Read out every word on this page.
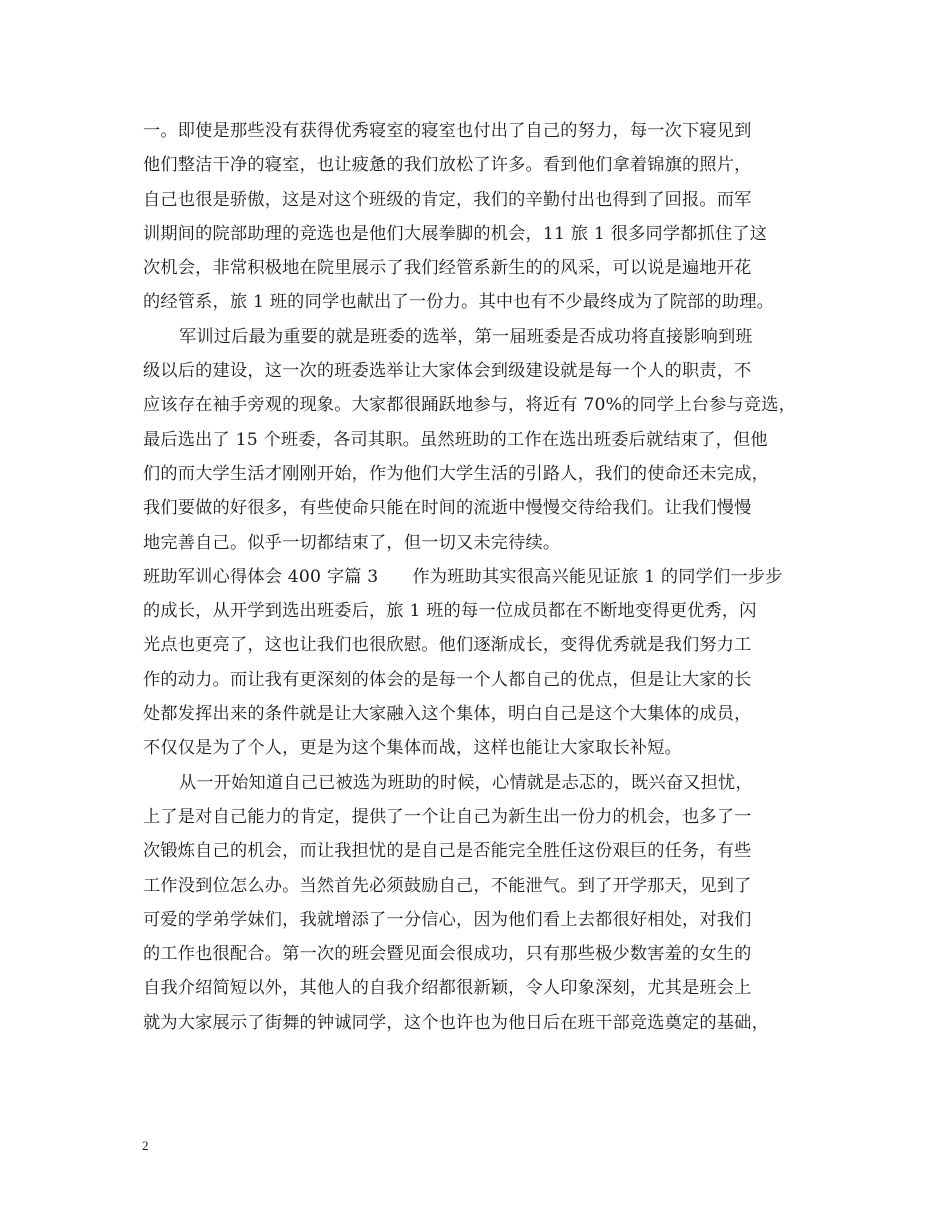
一。即使是那些没有获得优秀寝室的寝室也付出了自己的努力，每一次下寝见到
他们整洁干净的寝室，也让疲惫的我们放松了许多。看到他们拿着锦旗的照片，
自己也很是骄傲，这是对这个班级的肯定，我们的辛勤付出也得到了回报。而军
训期间的院部助理的竞选也是他们大展拳脚的机会，11 旅 1 很多同学都抓住了这
次机会，非常积极地在院里展示了我们经管系新生的的风采，可以说是遍地开花
的经管系，旅 1 班的同学也献出了一份力。其中也有不少最终成为了院部的助理。
军训过后最为重要的就是班委的选举，第一届班委是否成功将直接影响到班
级以后的建设，这一次的班委选举让大家体会到级建设就是每一个人的职责，不
应该存在袖手旁观的现象。大家都很踊跃地参与，将近有 70%的同学上台参与竞选，
最后选出了 15 个班委，各司其职。虽然班助的工作在选出班委后就结束了，但他
们的而大学生活才刚刚开始，作为他们大学生活的引路人，我们的使命还未完成，
我们要做的好很多，有些使命只能在时间的流逝中慢慢交待给我们。让我们慢慢
地完善自己。似乎一切都结束了，但一切又未完待续。
班助军训心得体会 400 字篇 3 作为班助其实很高兴能见证旅 1 的同学们一步步
的成长，从开学到选出班委后，旅 1 班的每一位成员都在不断地变得更优秀，闪
光点也更亮了，这也让我们也很欣慰。他们逐渐成长，变得优秀就是我们努力工
作的动力。而让我有更深刻的体会的是每一个人都自己的优点，但是让大家的长
处都发挥出来的条件就是让大家融入这个集体，明白自己是这个大集体的成员，
不仅仅是为了个人，更是为这个集体而战，这样也能让大家取长补短。
从一开始知道自己已被选为班助的时候，心情就是忐忑的，既兴奋又担忧，
上了是对自己能力的肯定，提供了一个让自己为新生出一份力的机会，也多了一
次锻炼自己的机会，而让我担忧的是自己是否能完全胜任这份艰巨的任务，有些
工作没到位怎么办。当然首先必须鼓励自己，不能泄气。到了开学那天，见到了
可爱的学弟学妹们，我就增添了一分信心，因为他们看上去都很好相处，对我们
的工作也很配合。第一次的班会暨见面会很成功，只有那些极少数害羞的女生的
自我介绍简短以外，其他人的自我介绍都很新颖，令人印象深刻，尤其是班会上
就为大家展示了街舞的钟诚同学，这个也许也为他日后在班干部竞选奠定的基础，
2
